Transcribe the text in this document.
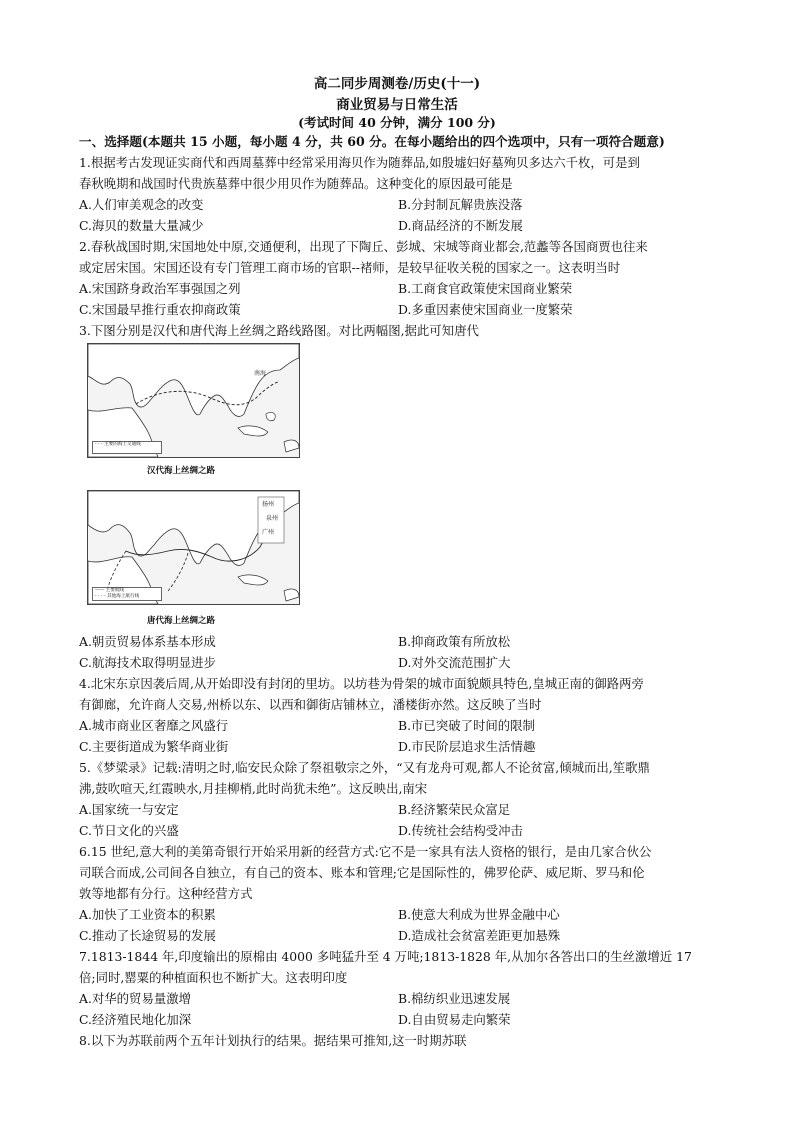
高二同步周测卷/历史(十一)
商业贸易与日常生活
(考试时间 40 分钟，满分 100 分)
一、选择题(本题共 15 小题，每小题 4 分，共 60 分。在每小题给出的四个选项中，只有一项符合题意)
1.根据考古发现证实商代和西周墓葬中经常采用海贝作为随葬品,如殷墟妇好墓殉贝多达六千枚，可是到
春秋晚期和战国时代贵族墓葬中很少用贝作为随葬品。这种变化的原因最可能是
A.人们审美观念的改变	B.分封制瓦解贵族没落
C.海贝的数量大量减少	D.商品经济的不断发展
2.春秋战国时期,宋国地处中原,交通便利，出现了下陶丘、彭城、宋城等商业都会,范蠡等各国商贾也往来
或定居宋国。宋国还设有专门管理工商市场的官职--褚师，是较早征收关税的国家之一。这表明当时
A.宋国跻身政治军事强国之列	B.工商食官政策使宋国商业繁荣
C.宋国最早推行重农抑商政策	D.多重因素使宋国商业一度繁荣
3.下图分别是汉代和唐代海上丝绸之路线路图。对比两幅图,据此可知唐代
南海
- - - 主要的海上交通线
汉代海上丝绸之路
扬州
泉州
广州
—— 主要航线
- - - - 其他海上航行线
唐代海上丝绸之路
A.朝贡贸易体系基本形成	B.抑商政策有所放松
C.航海技术取得明显进步	D.对外交流范围扩大
4.北宋东京因袭后周,从开始即没有封闭的里坊。以坊巷为骨架的城市面貌颇具特色,皇城正南的御路两旁
有御廊，允许商人交易,州桥以东、以西和御街店铺林立，潘楼街亦然。这反映了当时
A.城市商业区奢靡之风盛行	B.市已突破了时间的限制
C.主要街道成为繁华商业街	D.市民阶层追求生活情趣
5.《梦粱录》记载:清明之时,临安民众除了祭祖敬宗之外，“又有龙舟可观,都人不论贫富,倾城而出,笙歌鼎
沸,鼓吹喧天,红霞映水,月挂柳梢,此时尚犹未绝”。这反映出,南宋
A.国家统一与安定	B.经济繁荣民众富足
C.节日文化的兴盛	D.传统社会结构受冲击
6.15 世纪,意大利的美第奇银行开始采用新的经营方式:它不是一家具有法人资格的银行，是由几家合伙公
司联合而成,公司间各自独立，有自己的资本、账本和管理;它是国际性的，佛罗伦萨、威尼斯、罗马和伦
敦等地都有分行。这种经营方式
A.加快了工业资本的积累	B.使意大利成为世界金融中心
C.推动了长途贸易的发展	D.造成社会贫富差距更加悬殊
7.1813-1844 年,印度输出的原棉由 4000 多吨猛升至 4 万吨;1813-1828 年,从加尔各答出口的生丝激增近 17
倍;同时,罂粟的种植面积也不断扩大。这表明印度
A.对华的贸易量激增	B.棉纺织业迅速发展
C.经济殖民地化加深	D.自由贸易走向繁荣
8.以下为苏联前两个五年计划执行的结果。据结果可推知,这一时期苏联
